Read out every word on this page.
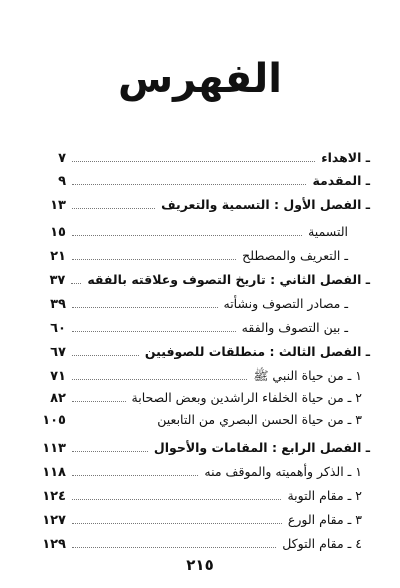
الفهرس
ـ الاهداء
٧
ـ المقدمة
٩
ـ الفصل الأول : التسمية والتعريف
١٣
التسمية
١٥
ـ التعريف والمصطلح
٢١
ـ الفصل الثاني : تاريخ التصوف وعلاقته بالفقه
٣٧
ـ مصادر التصوف ونشأته
٣٩
ـ بين التصوف والفقه
٦٠
ـ الفصل الثالث : منطلقات للصوفيين
٦٧
١ ـ من حياة النبي ﷺ
٧١
٢ ـ من حياة الخلفاء الراشدين وبعض الصحابة
٨٢
٣ ـ من حياة الحسن البصري من التابعين
١٠٥
ـ الفصل الرابع : المقامات والأحوال
١١٣
١ ـ الذكر وأهميته والموقف منه
١١٨
٢ ـ مقام التوبة
١٢٤
٣ ـ مقام الورع
١٢٧
٤ ـ مقام التوكل
١٢٩
٢١٥
